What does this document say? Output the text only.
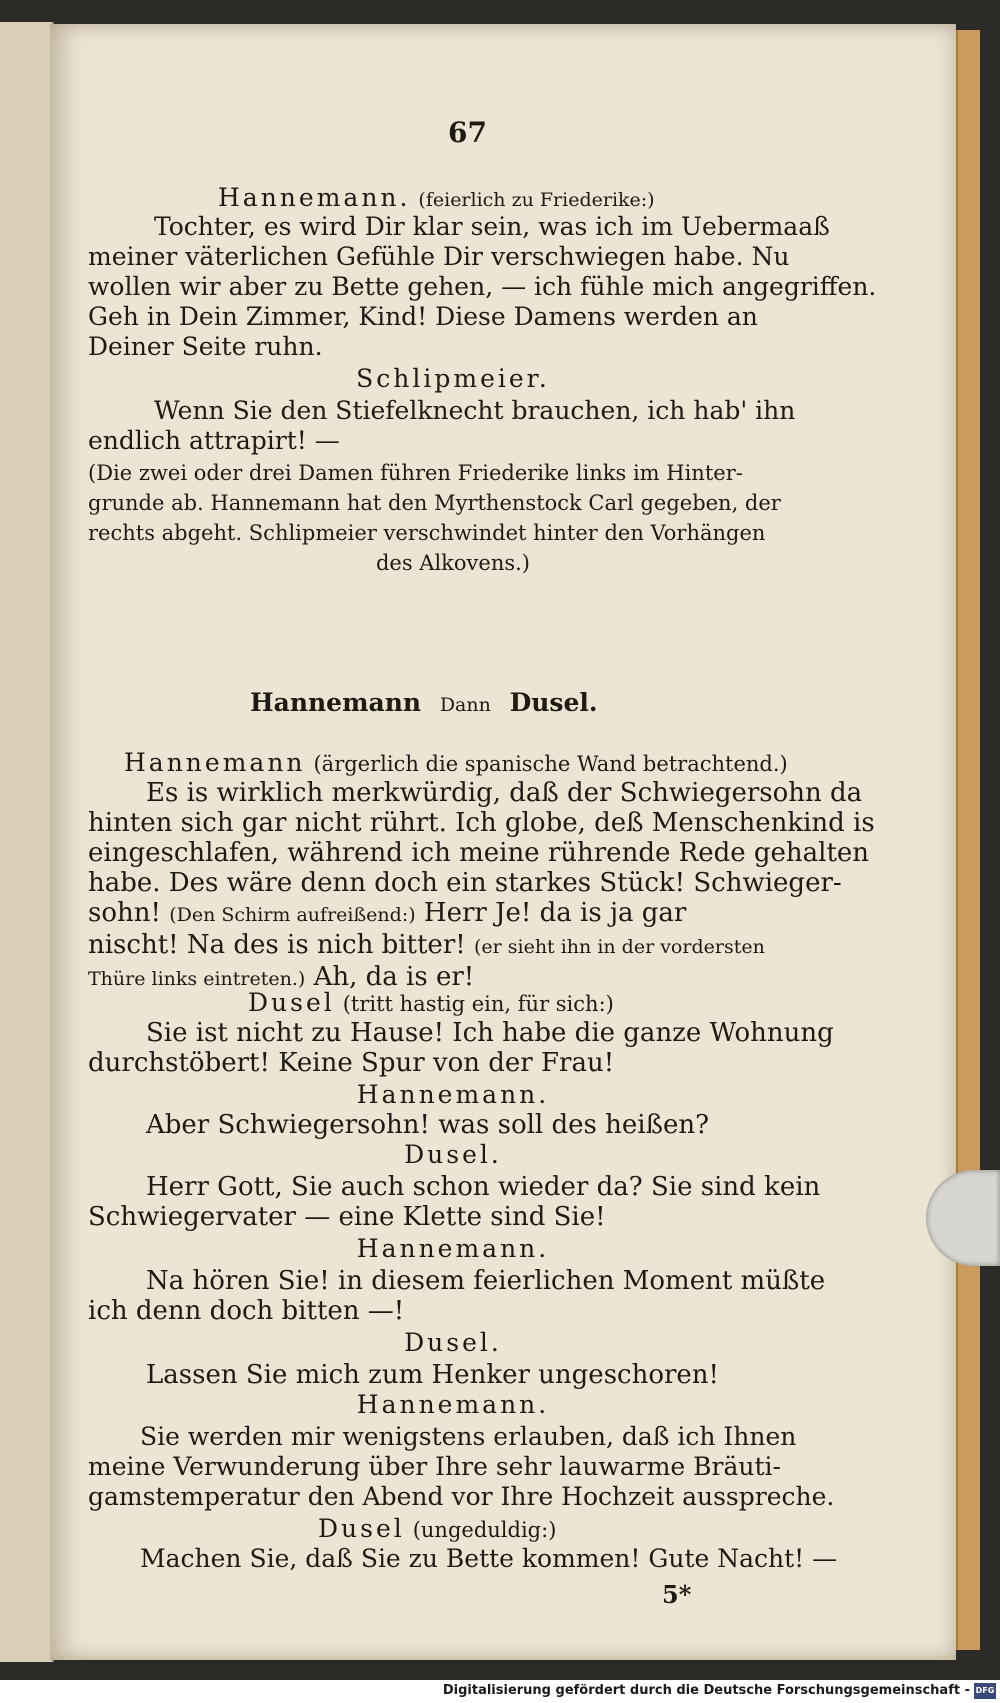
67
Hannemann. (feierlich zu Friederike:)
Tochter, es wird Dir klar sein, was ich im Uebermaaß
meiner väterlichen Gefühle Dir verschwiegen habe. Nu
wollen wir aber zu Bette gehen, — ich fühle mich angegriffen.
Geh in Dein Zimmer, Kind! Diese Damens werden an
Deiner Seite ruhn.
Schlipmeier.
Wenn Sie den Stiefelknecht brauchen, ich hab' ihn
endlich attrapirt! —
(Die zwei oder drei Damen führen Friederike links im Hinter-
grunde ab. Hannemann hat den Myrthenstock Carl gegeben, der
rechts abgeht. Schlipmeier verschwindet hinter den Vorhängen
des Alkovens.)
Hannemann Dann Dusel.
Hannemann (ärgerlich die spanische Wand betrachtend.)
Es is wirklich merkwürdig, daß der Schwiegersohn da
hinten sich gar nicht rührt. Ich globe, deß Menschenkind is
eingeschlafen, während ich meine rührende Rede gehalten
habe. Des wäre denn doch ein starkes Stück! Schwieger-
sohn! (Den Schirm aufreißend:) Herr Je! da is ja gar
nischt! Na des is nich bitter! (er sieht ihn in der vordersten
Thüre links eintreten.) Ah, da is er!
Dusel (tritt hastig ein, für sich:)
Sie ist nicht zu Hause! Ich habe die ganze Wohnung
durchstöbert! Keine Spur von der Frau!
Hannemann.
Aber Schwiegersohn! was soll des heißen?
Dusel.
Herr Gott, Sie auch schon wieder da? Sie sind kein
Schwiegervater — eine Klette sind Sie!
Hannemann.
Na hören Sie! in diesem feierlichen Moment müßte
ich denn doch bitten —!
Dusel.
Lassen Sie mich zum Henker ungeschoren!
Hannemann.
Sie werden mir wenigstens erlauben, daß ich Ihnen
meine Verwunderung über Ihre sehr lauwarme Bräuti-
gamstemperatur den Abend vor Ihre Hochzeit ausspreche.
Dusel (ungeduldig:)
Machen Sie, daß Sie zu Bette kommen! Gute Nacht! —
5*
Digitalisierung gefördert durch die Deutsche Forschungsgemeinschaft - DFG
